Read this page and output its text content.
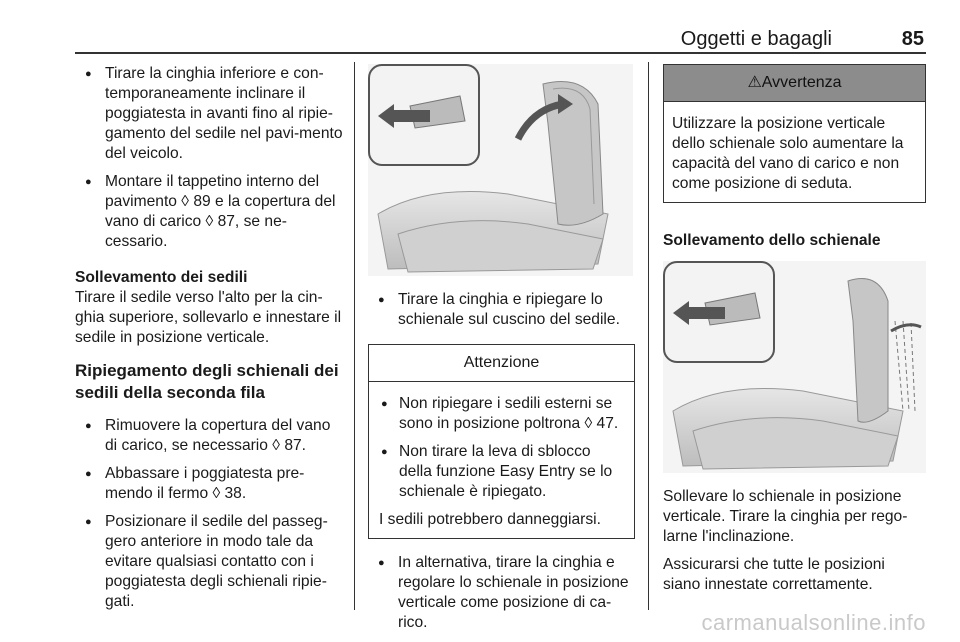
Oggetti e bagagli	85
● Tirare la cinghia inferiore e con-temporaneamente inclinare il poggiatesta in avanti fino al ripie-gamento del sedile nel pavi-mento del veicolo.
● Montare il tappetino interno del pavimento ◊ 89 e la copertura del vano di carico ◊ 87, se ne-cessario.
Sollevamento dei sedili

Tirare il sedile verso l'alto per la cin-ghia superiore, sollevarlo e innestare il sedile in posizione verticale.

Ripiegamento degli schienali dei sedili della seconda fila
● Rimuovere la copertura del vano di carico, se necessario ◊ 87.
● Abbassare i poggiatesta pre-mendo il fermo ◊ 38.
● Posizionare il sedile del passeg-gero anteriore in modo tale da evitare qualsiasi contatto con i poggiatesta degli schienali ripie-gati.
● Tirare la cinghia e ripiegare lo schienale sul cuscino del sedile.
Attenzione
● Non ripiegare i sedili esterni se sono in posizione poltrona ◊ 47.
● Non tirare la leva di sblocco della funzione Easy Entry se lo schienale è ripiegato.
I sedili potrebbero danneggiarsi.
● In alternativa, tirare la cinghia e regolare lo schienale in posizione verticale come posizione di ca-rico.
⚠Avvertenza
Utilizzare la posizione verticale dello schienale solo aumentare la capacità del vano di carico e non come posizione di seduta.
Sollevamento dello schienale

Sollevare lo schienale in posizione verticale. Tirare la cinghia per rego-larne l'inclinazione.

Assicurarsi che tutte le posizioni siano innestate correttamente.

carmanualsonline.info
